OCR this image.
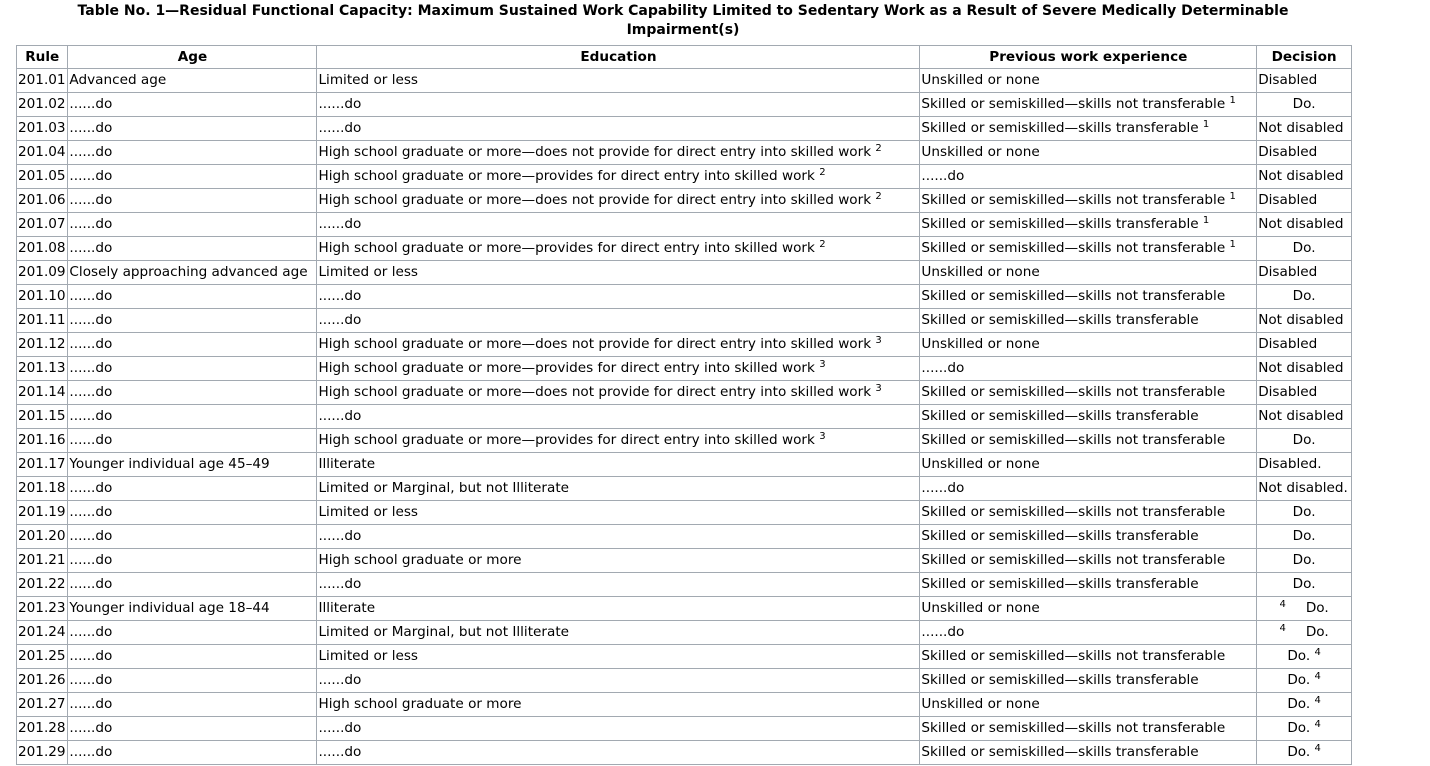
Table No. 1—Residual Functional Capacity: Maximum Sustained Work Capability Limited to Sedentary Work as a Result of Severe Medically Determinable
Impairment(s)
Rule	Age	Education	Previous work experience	Decision
201.01	Advanced age	Limited or less	Unskilled or none	Disabled
201.02	......do	......do	Skilled or semiskilled—skills not transferable $^1$	Do.
201.03	......do	......do	Skilled or semiskilled—skills transferable $^1$	Not disabled
201.04	......do	High school graduate or more—does not provide for direct entry into skilled work $^2$	Unskilled or none	Disabled
201.05	......do	High school graduate or more—provides for direct entry into skilled work $^2$	......do	Not disabled
201.06	......do	High school graduate or more—does not provide for direct entry into skilled work $^2$	Skilled or semiskilled—skills not transferable $^1$	Disabled
201.07	......do	......do	Skilled or semiskilled—skills transferable $^1$	Not disabled
201.08	......do	High school graduate or more—provides for direct entry into skilled work $^2$	Skilled or semiskilled—skills not transferable $^1$	Do.
201.09	Closely approaching advanced age	Limited or less	Unskilled or none	Disabled
201.10	......do	......do	Skilled or semiskilled—skills not transferable	Do.
201.11	......do	......do	Skilled or semiskilled—skills transferable	Not disabled
201.12	......do	High school graduate or more—does not provide for direct entry into skilled work $^3$	Unskilled or none	Disabled
201.13	......do	High school graduate or more—provides for direct entry into skilled work $^3$	......do	Not disabled
201.14	......do	High school graduate or more—does not provide for direct entry into skilled work $^3$	Skilled or semiskilled—skills not transferable	Disabled
201.15	......do	......do	Skilled or semiskilled—skills transferable	Not disabled
201.16	......do	High school graduate or more—provides for direct entry into skilled work $^3$	Skilled or semiskilled—skills not transferable	Do.
201.17	Younger individual age 45–49	Illiterate	Unskilled or none	Disabled.
201.18	......do	Limited or Marginal, but not Illiterate	......do	Not disabled.
201.19	......do	Limited or less	Skilled or semiskilled—skills not transferable	Do.
201.20	......do	......do	Skilled or semiskilled—skills transferable	Do.
201.21	......do	High school graduate or more	Skilled or semiskilled—skills not transferable	Do.
201.22	......do	......do	Skilled or semiskilled—skills transferable	Do.
201.23	Younger individual age 18–44	Illiterate	Unskilled or none	$^4$ Do.
201.24	......do	Limited or Marginal, but not Illiterate	......do	$^4$ Do.
201.25	......do	Limited or less	Skilled or semiskilled—skills not transferable	Do. $^4$
201.26	......do	......do	Skilled or semiskilled—skills transferable	Do. $^4$
201.27	......do	High school graduate or more	Unskilled or none	Do. $^4$
201.28	......do	......do	Skilled or semiskilled—skills not transferable	Do. $^4$
201.29	......do	......do	Skilled or semiskilled—skills transferable	Do. $^4$
